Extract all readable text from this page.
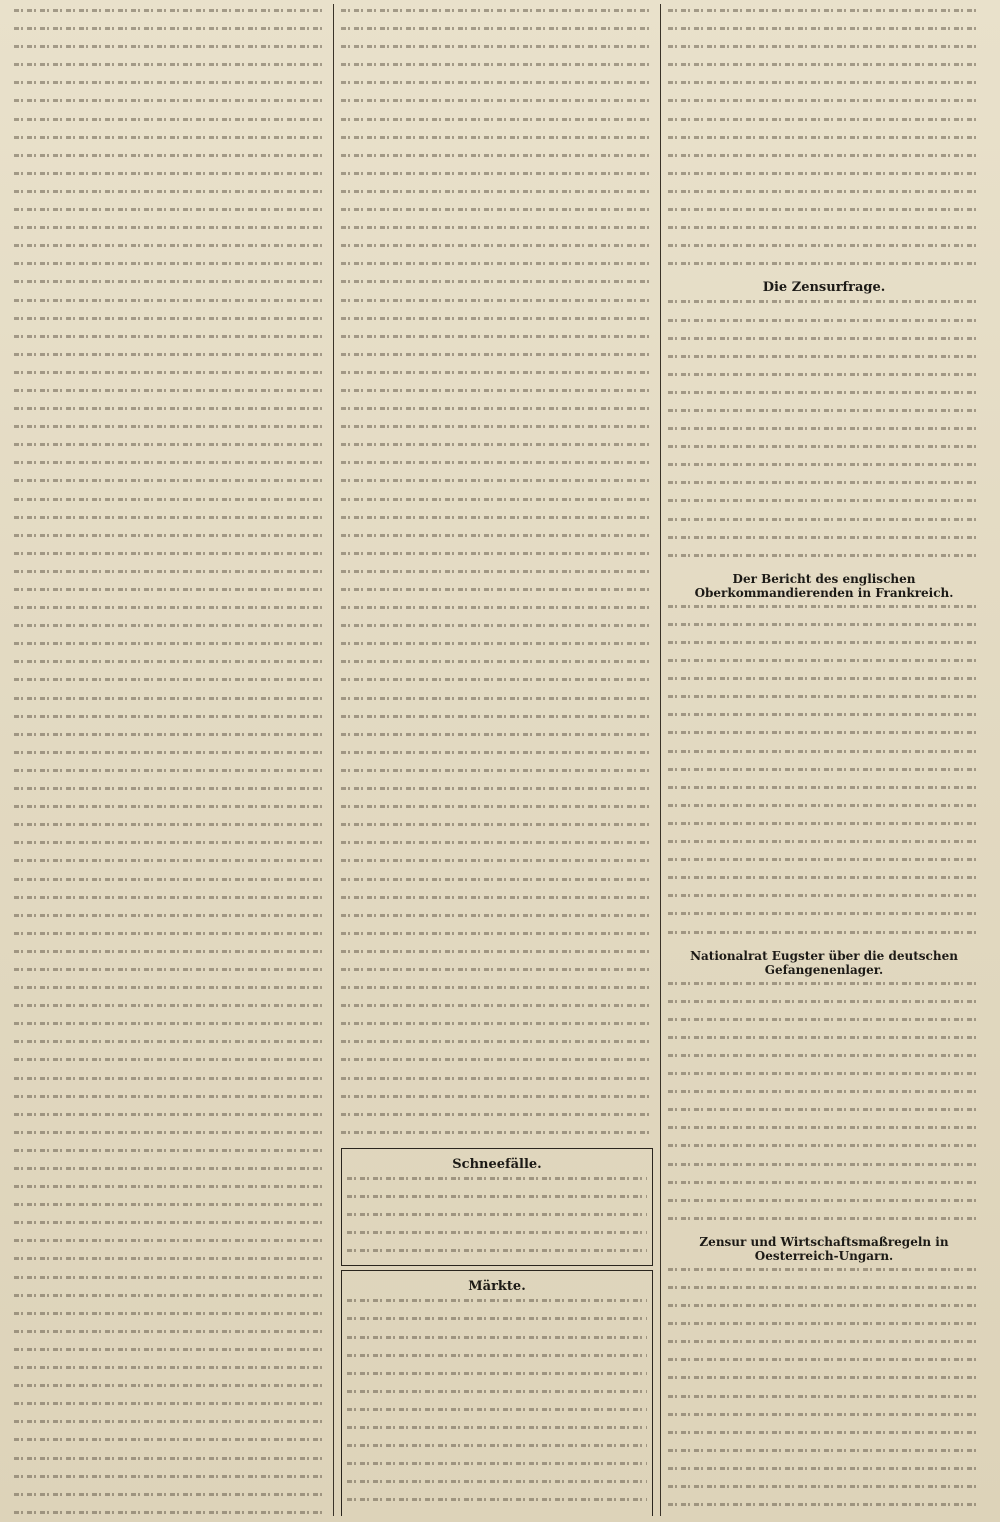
Schneefälle.
Märkte.

Die Zensurfrage.
Der Bericht des englischen Oberkommandierenden in Frankreich.
Nationalrat Eugster über die deutschen Gefangenenlager.
Zensur und Wirtschaftsmaßregeln in Oesterreich-Ungarn.
